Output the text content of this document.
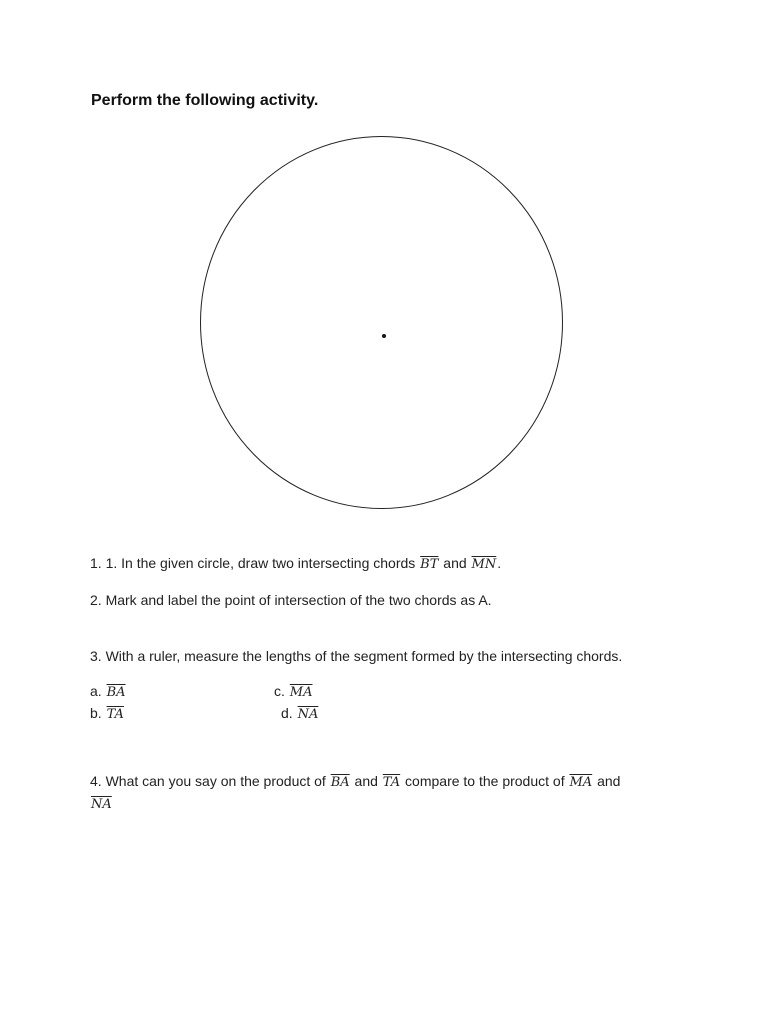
Perform the following activity.
1. 1. In the given circle, draw two intersecting chords $\overline{BT}$ and $\overline{MN}$.
2. Mark and label the point of intersection of the two chords as A.
3. With a ruler, measure the lengths of the segment formed by the intersecting chords.
a. $\overline{BA}$
b. $\overline{TA}$
c. $\overline{MA}$
d. $\overline{NA}$
4. What can you say on the product of $\overline{BA}$ and $\overline{TA}$ compare to the product of $\overline{MA}$ and
$\overline{NA}$
